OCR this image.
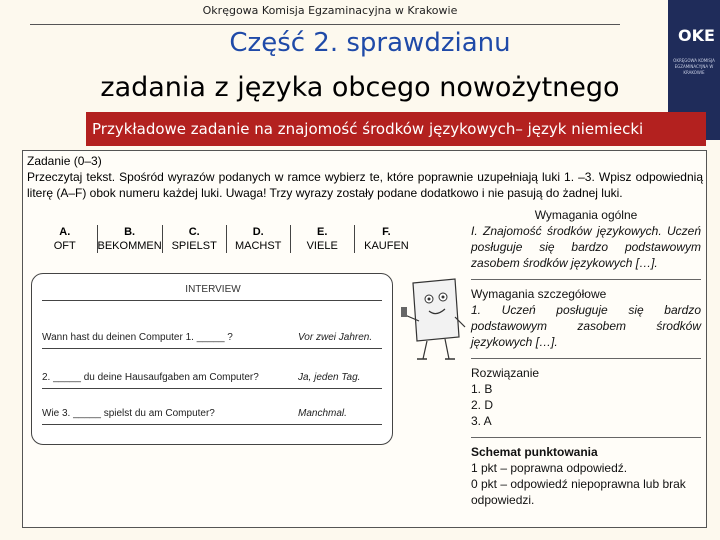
Okręgowa Komisja Egzaminacyjna w Krakowie
OKE
OKRĘGOWA KOMISJA EGZAMINACYJNA W KRAKOWIE
Część 2. sprawdzianu
zadania z języka obcego nowożytnego
Przykładowe zadanie na znajomość środków językowych– język niemiecki
Zadanie (0–3)
Przeczytaj tekst. Spośród wyrazów podanych w ramce wybierz te, które poprawnie uzupełniają luki 1. –3. Wpisz odpowiednią literę (A–F) obok numeru każdej luki. Uwaga! Trzy wyrazy zostały podane dodatkowo i nie pasują do żadnej luki.
A.	B.	C.	D.	E.	F.
OFT	BEKOMMEN	SPIELST	MACHST	VIELE	KAUFEN
INTERVIEW
Wann hast du deinen Computer 1. _____ ?	Vor zwei Jahren.
2. _____ du deine Hausaufgaben am Computer?	Ja, jeden Tag.
Wie 3. _____ spielst du am Computer?	Manchmal.
Wymagania ogólne
I. Znajomość środków językowych. Uczeń posługuje się bardzo podstawowym zasobem środków językowych […].
Wymagania szczegółowe
1. Uczeń posługuje się bardzo podstawowym zasobem środków językowych […].
Rozwiązanie
1. B
2. D
3. A
Schemat punktowania
1 pkt – poprawna odpowiedź.
0 pkt – odpowiedź niepoprawna lub brak odpowiedzi.
